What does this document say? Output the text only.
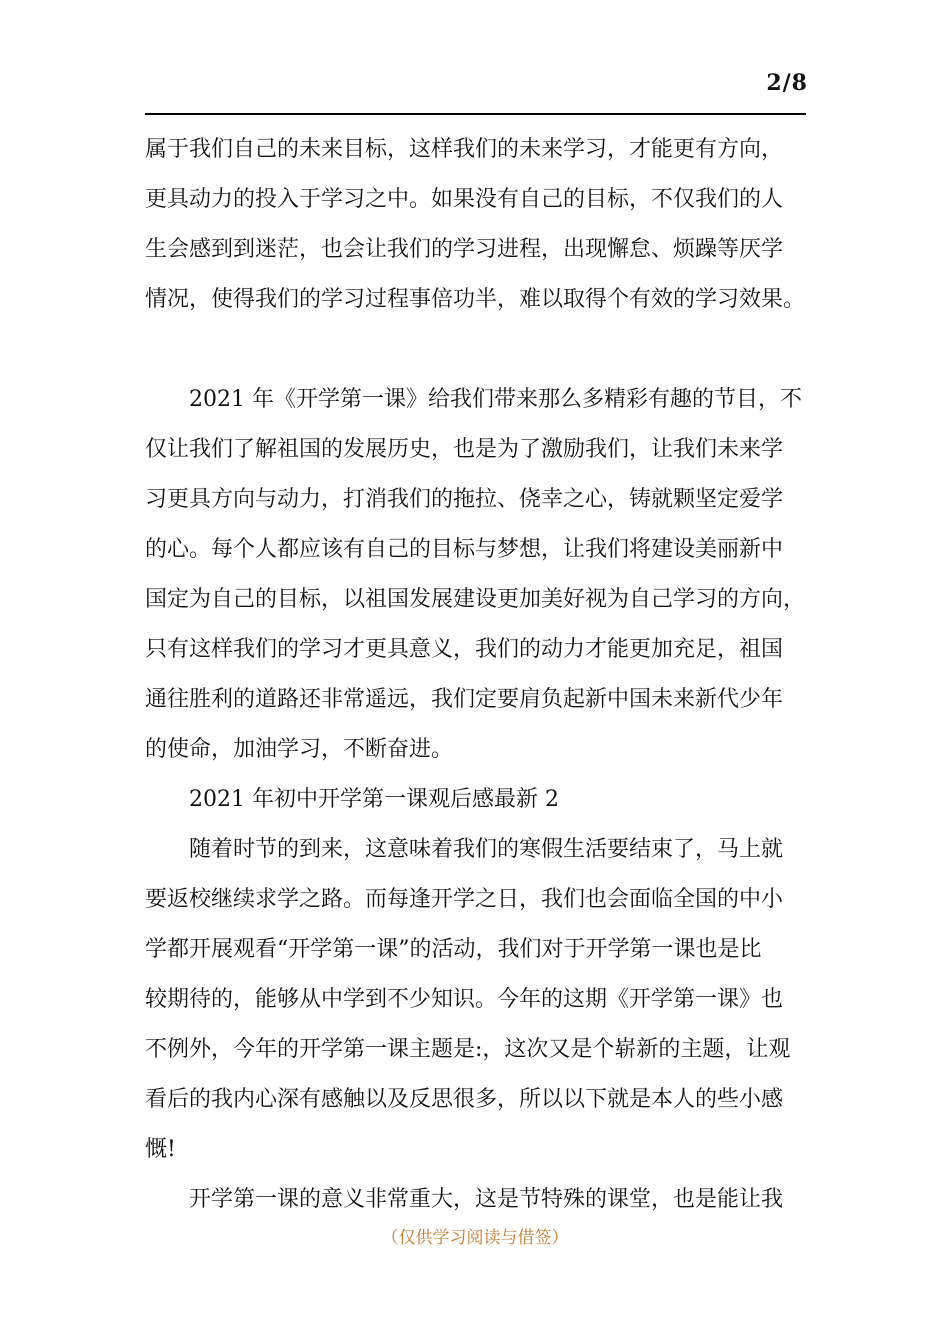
2/8
属于我们自己的未来目标，这样我们的未来学习，才能更有方向，
更具动力的投入于学习之中。如果没有自己的目标，不仅我们的人
生会感到到迷茫，也会让我们的学习进程，出现懈怠、烦躁等厌学
情况，使得我们的学习过程事倍功半，难以取得个有效的学习效果。
2021 年《开学第一课》给我们带来那么多精彩有趣的节目，不
仅让我们了解祖国的发展历史，也是为了激励我们，让我们未来学
习更具方向与动力，打消我们的拖拉、侥幸之心，铸就颗坚定爱学
的心。每个人都应该有自己的目标与梦想，让我们将建设美丽新中
国定为自己的目标，以祖国发展建设更加美好视为自己学习的方向，
只有这样我们的学习才更具意义，我们的动力才能更加充足，祖国
通往胜利的道路还非常遥远，我们定要肩负起新中国未来新代少年
的使命，加油学习，不断奋进。
2021 年初中开学第一课观后感最新 2
随着时节的到来，这意味着我们的寒假生活要结束了，马上就
要返校继续求学之路。而每逢开学之日，我们也会面临全国的中小
学都开展观看“开学第一课”的活动，我们对于开学第一课也是比
较期待的，能够从中学到不少知识。今年的这期《开学第一课》也
不例外，今年的开学第一课主题是:，这次又是个崭新的主题，让观
看后的我内心深有感触以及反思很多，所以以下就是本人的些小感
慨!
开学第一课的意义非常重大，这是节特殊的课堂，也是能让我
（仅供学习阅读与借签）
